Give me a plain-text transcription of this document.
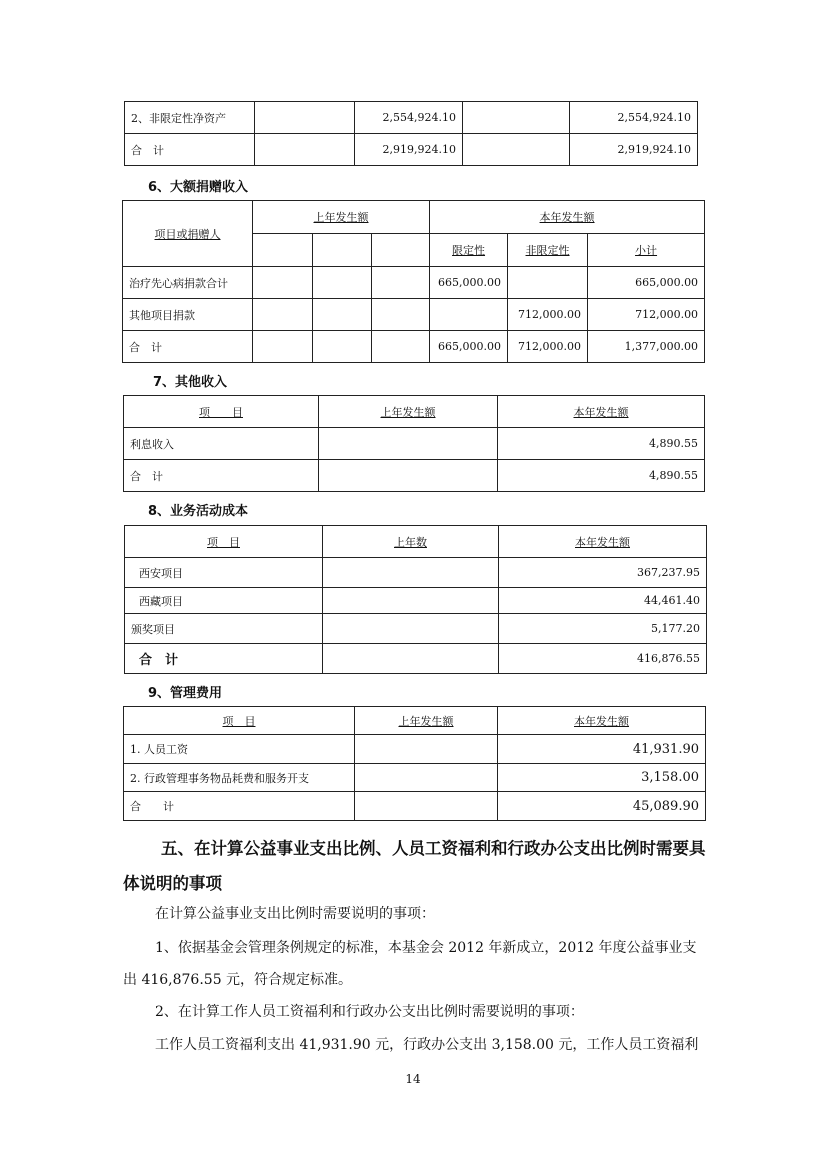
2、非限定性净资产		2,554,924.10		2,554,924.10
合　计		2,919,924.10		2,919,924.10
6、大额捐赠收入
项目或捐赠人	上年发生额			本年发生额		
				限定性	非限定性	小计
治疗先心病捐款合计				665,000.00		665,000.00
其他项目捐款					712,000.00	712,000.00
合　计				665,000.00	712,000.00	1,377,000.00
7、其他收入
项　　目	上年发生额	本年发生额
利息收入		4,890.55
合　计		4,890.55
8、业务活动成本
项　目	上年数	本年发生额
西安项目		367,237.95
西藏项目		44,461.40
颁奖项目		5,177.20
合　计		416,876.55
9、管理费用
项　目	上年发生额	本年发生额
1. 人员工资		41,931.90
2. 行政管理事务物品耗费和服务开支		3,158.00
合　　计		45,089.90
五、在计算公益事业支出比例、人员工资福利和行政办公支出比例时需要具
体说明的事项
在计算公益事业支出比例时需要说明的事项：
1、依据基金会管理条例规定的标准，本基金会 2012 年新成立，2012 年度公益事业支
出 416,876.55 元，符合规定标准。
2、在计算工作人员工资福利和行政办公支出比例时需要说明的事项：
工作人员工资福利支出 41,931.90 元，行政办公支出 3,158.00 元，工作人员工资福利
14
